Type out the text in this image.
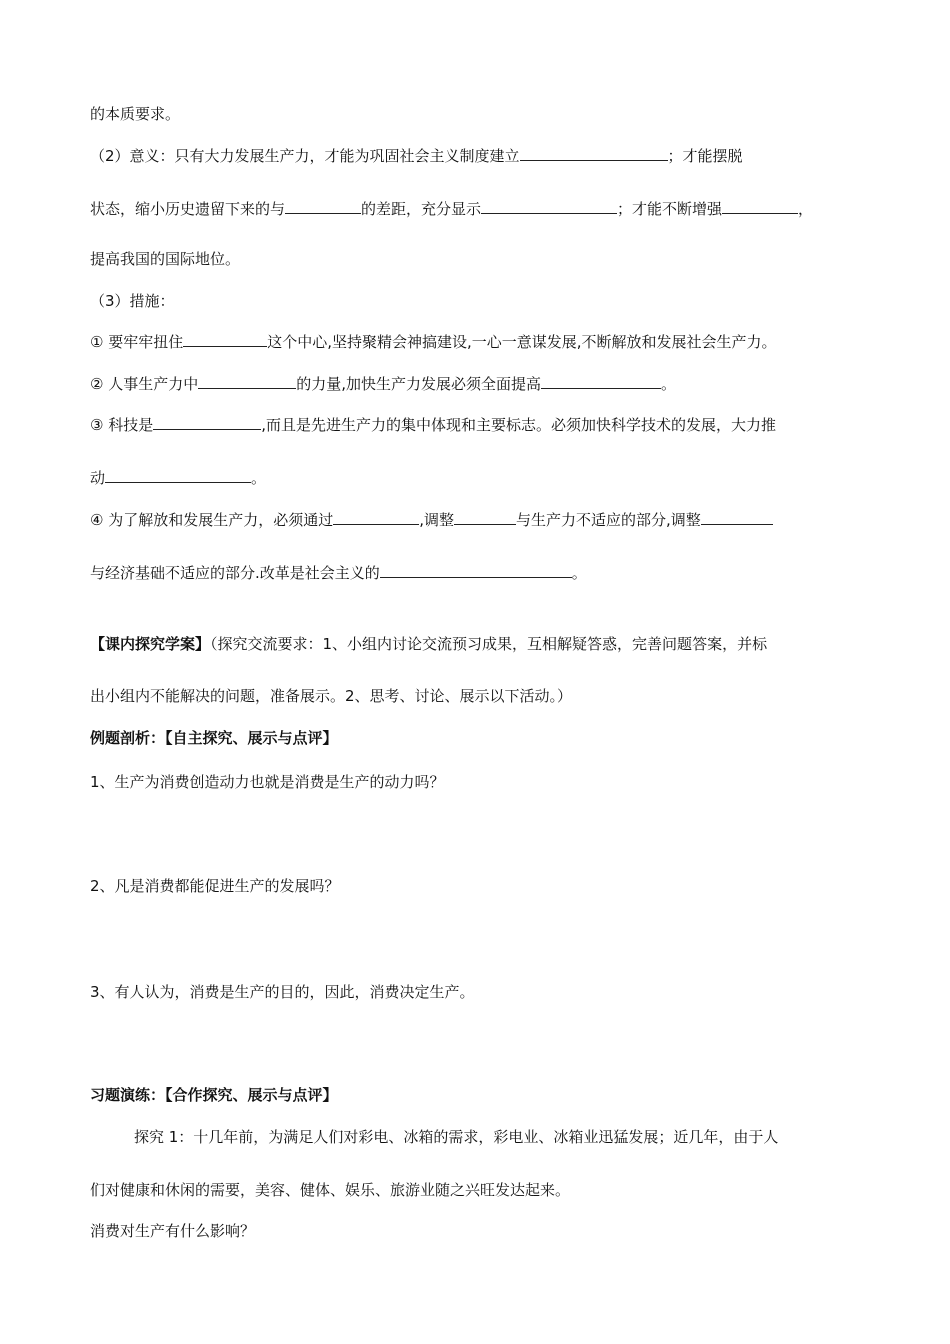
的本质要求。
（2）意义：只有大力发展生产力，才能为巩固社会主义制度建立	；才能摆脱
状态，缩小历史遗留下来的与	的差距，充分显示	；才能不断增强	，
提高我国的国际地位。
（3）措施：
① 要牢牢扭住	这个中心,坚持聚精会神搞建设,一心一意谋发展,不断解放和发展社会生产力。
② 人事生产力中	的力量,加快生产力发展必须全面提高	。
③ 科技是	,而且是先进生产力的集中体现和主要标志。必须加快科学技术的发展，大力推
动	。
④ 为了解放和发展生产力，必须通过	,调整	与生产力不适应的部分,调整
与经济基础不适应的部分.改革是社会主义的	。
【课内探究学案】（探究交流要求：1、小组内讨论交流预习成果，互相解疑答惑，完善问题答案，并标
出小组内不能解决的问题，准备展示。2、思考、讨论、展示以下活动。）
例题剖析：【自主探究、展示与点评】
1、生产为消费创造动力也就是消费是生产的动力吗？
2、凡是消费都能促进生产的发展吗？
3、有人认为，消费是生产的目的，因此，消费决定生产。
习题演练：【合作探究、展示与点评】
探究 1：十几年前，为满足人们对彩电、冰箱的需求，彩电业、冰箱业迅猛发展；近几年，由于人
们对健康和休闲的需要，美容、健体、娱乐、旅游业随之兴旺发达起来。
消费对生产有什么影响？
